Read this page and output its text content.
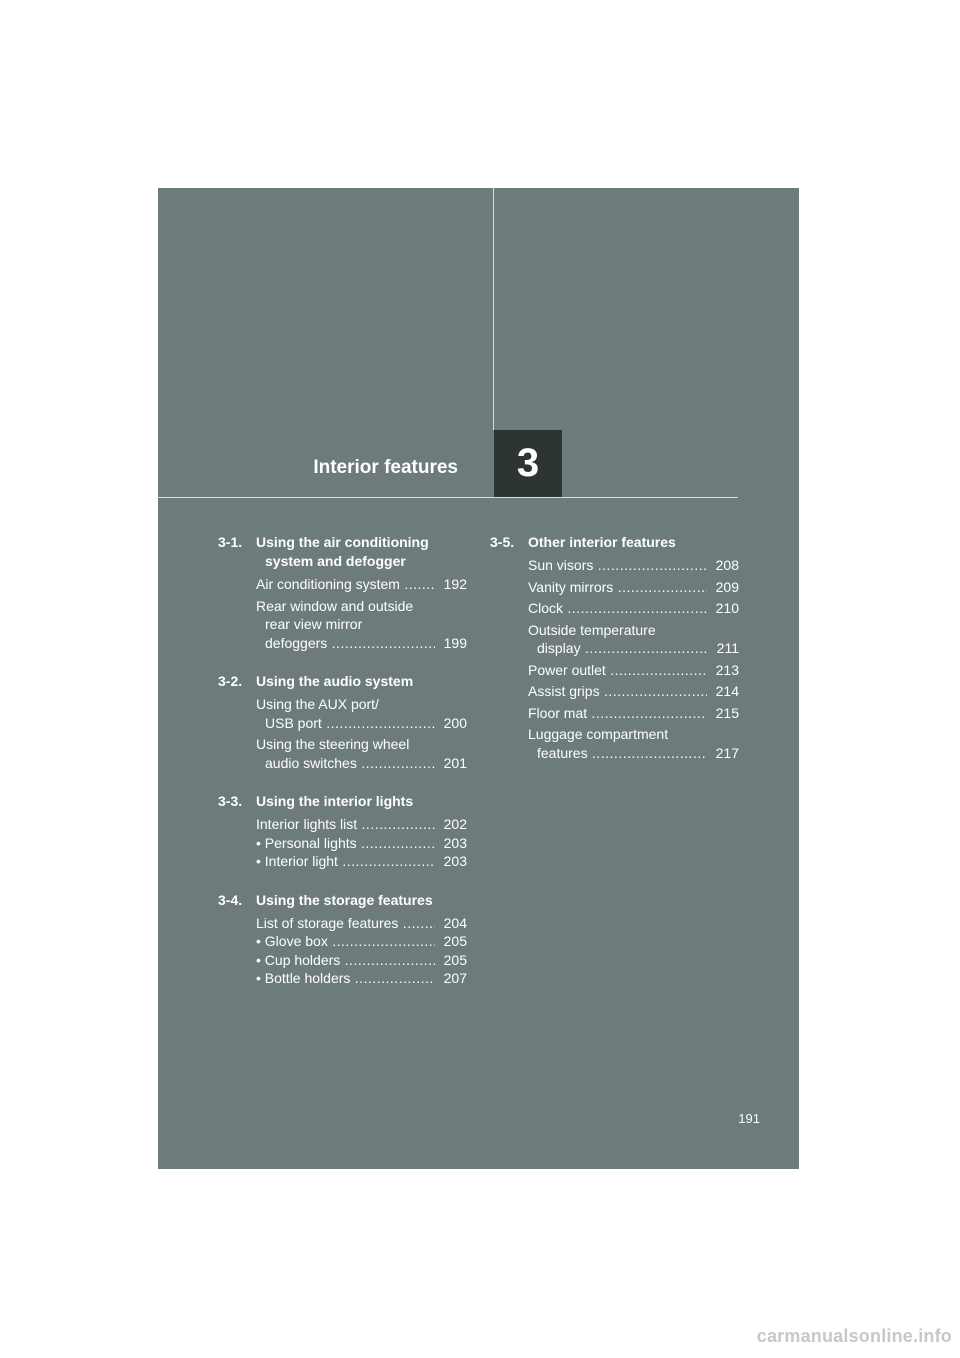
3
Interior features
3-1. Using the air conditioning system and defogger
Air conditioning system .....	192
Rear window and outside
rear view mirror
defoggers .....	199
3-2. Using the audio system
Using the AUX port/
USB port .....	200
Using the steering wheel
audio switches .....	201
3-3. Using the interior lights
Interior lights list .....	202
• Personal lights .....	203
• Interior light .....	203
3-4. Using the storage features
List of storage features .....	204
• Glove box .....	205
• Cup holders .....	205
• Bottle holders .....	207
3-5. Other interior features
Sun visors .....	208
Vanity mirrors .....	209
Clock .....	210
Outside temperature
display .....	211
Power outlet .....	213
Assist grips .....	214
Floor mat .....	215
Luggage compartment
features .....	217
191
carmanualsonline.info
